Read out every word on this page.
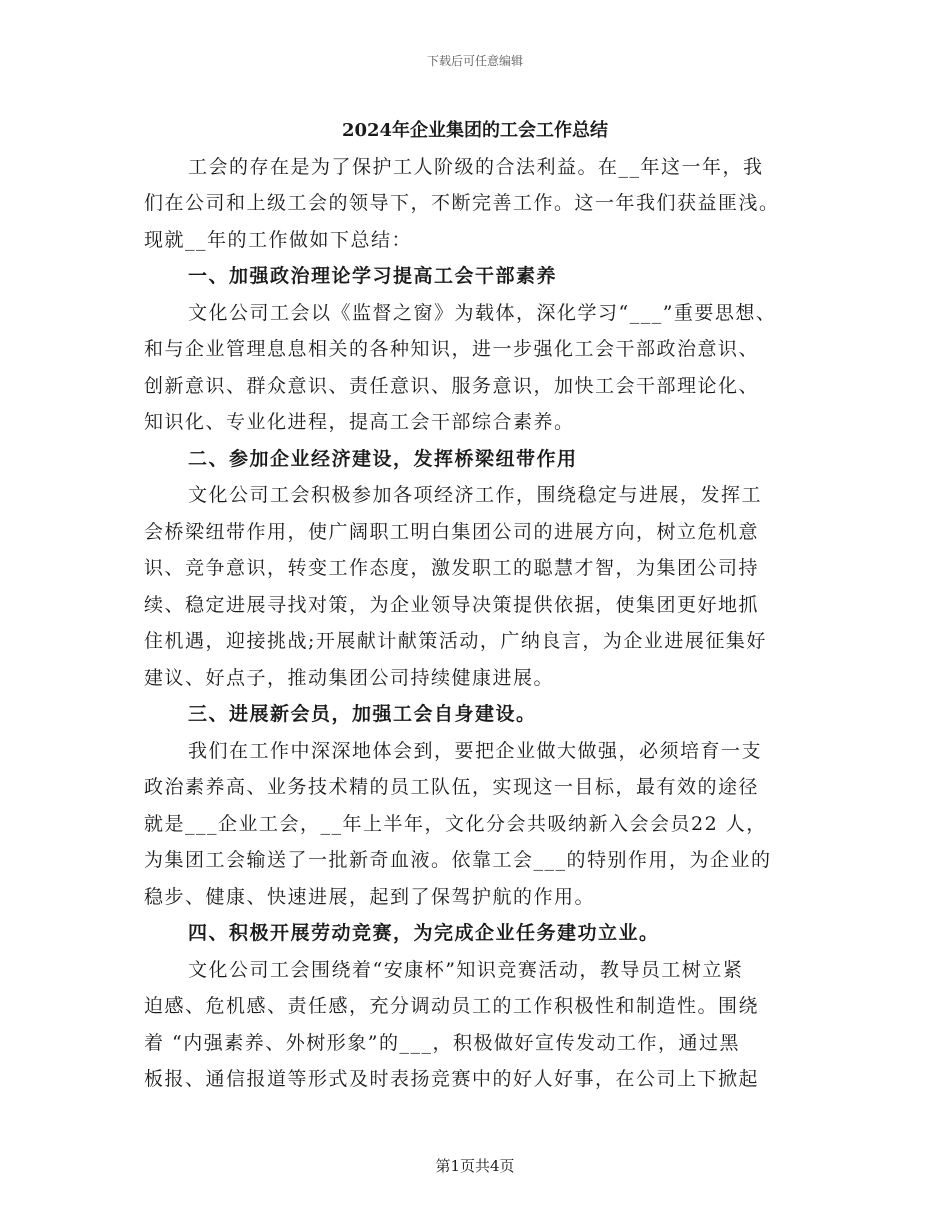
下载后可任意编辑
2024年企业集团的工会工作总结
工会的存在是为了保护工人阶级的合法利益。在__年这一年，我
们在公司和上级工会的领导下，不断完善工作。这一年我们获益匪浅。
现就__年的工作做如下总结：
一、加强政治理论学习提高工会干部素养
文化公司工会以《监督之窗》为载体，深化学习“___”重要思想、
和与企业管理息息相关的各种知识，进一步强化工会干部政治意识、
创新意识、群众意识、责任意识、服务意识，加快工会干部理论化、
知识化、专业化进程，提高工会干部综合素养。
二、参加企业经济建设，发挥桥梁纽带作用
文化公司工会积极参加各项经济工作，围绕稳定与进展，发挥工
会桥梁纽带作用，使广阔职工明白集团公司的进展方向，树立危机意
识、竞争意识，转变工作态度，激发职工的聪慧才智，为集团公司持
续、稳定进展寻找对策，为企业领导决策提供依据，使集团更好地抓
住机遇，迎接挑战;开展献计献策活动，广纳良言，为企业进展征集好
建议、好点子，推动集团公司持续健康进展。
三、进展新会员，加强工会自身建设。
我们在工作中深深地体会到，要把企业做大做强，必须培育一支
政治素养高、业务技术精的员工队伍，实现这一目标，最有效的途径
就是___企业工会，__年上半年，文化分会共吸纳新入会会员22 人，
为集团工会输送了一批新奇血液。依靠工会___的特别作用，为企业的
稳步、健康、快速进展，起到了保驾护航的作用。
四、积极开展劳动竞赛，为完成企业任务建功立业。
文化公司工会围绕着“安康杯”知识竞赛活动，教导员工树立紧
迫感、危机感、责任感，充分调动员工的工作积极性和制造性。围绕
着 “内强素养、外树形象”的___，积极做好宣传发动工作，通过黑
板报、通信报道等形式及时表扬竞赛中的好人好事，在公司上下掀起
第1页共4页
